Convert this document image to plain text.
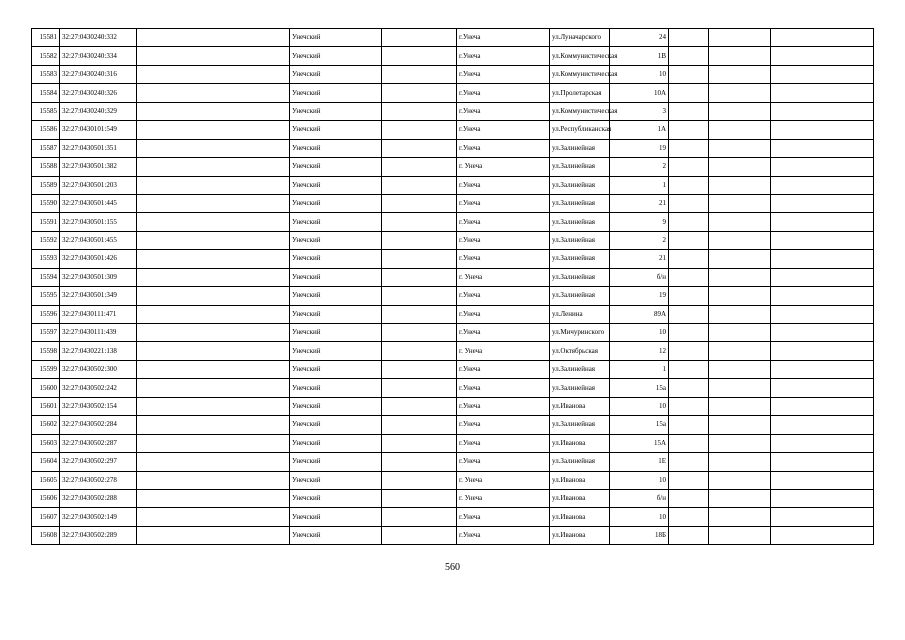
15581	32:27:0430240:332		Унечский		г.Унеча	ул.Луначарского	24			
15582	32:27:0430240:334		Унечский		г.Унеча	ул.Коммунистическая	1В			
15583	32:27:0430240:316		Унечский		г.Унеча	ул.Коммунистическая	10			
15584	32:27:0430240:326		Унечский		г.Унеча	ул.Пролетарская	10А			
15585	32:27:0430240:329		Унечский		г.Унеча	ул.Коммунистическая	3			
15586	32:27:0430101:549		Унечский		г.Унеча	ул.Республиканская	1А			
15587	32:27:0430501:351		Унечский		г.Унеча	ул.Залинейная	19			
15588	32:27:0430501:382		Унечский		г. Унеча	ул.Залинейная	2			
15589	32:27:0430501:203		Унечский		г.Унеча	ул.Залинейная	1			
15590	32:27:0430501:445		Унечский		г.Унеча	ул.Залинейная	21			
15591	32:27:0430501:155		Унечский		г.Унеча	ул.Залинейная	9			
15592	32:27:0430501:455		Унечский		г.Унеча	ул.Залинейная	2			
15593	32:27:0430501:426		Унечский		г.Унеча	ул.Залинейная	21			
15594	32:27:0430501:309		Унечский		г. Унеча	ул.Залинейная	б/н			
15595	32:27:0430501:349		Унечский		г.Унеча	ул.Залинейная	19			
15596	32:27:0430111:471		Унечский		г.Унеча	ул.Ленина	89А			
15597	32:27:0430111:439		Унечский		г.Унеча	ул.Мичуринского	10			
15598	32:27:0430221:138		Унечский		г. Унеча	ул.Октябрьская	12			
15599	32:27:0430502:300		Унечский		г.Унеча	ул.Залинейная	1			
15600	32:27:0430502:242		Унечский		г.Унеча	ул.Залинейная	15а			
15601	32:27:0430502:154		Унечский		г.Унеча	ул.Иванова	10			
15602	32:27:0430502:284		Унечский		г.Унеча	ул.Залинейная	15а			
15603	32:27:0430502:287		Унечский		г.Унеча	ул.Иванова	15А			
15604	32:27:0430502:297		Унечский		г.Унеча	ул.Залинейная	1Е			
15605	32:27:0430502:278		Унечский		г. Унеча	ул.Иванова	10			
15606	32:27:0430502:288		Унечский		г. Унеча	ул.Иванова	б/н			
15607	32:27:0430502:149		Унечский		г.Унеча	ул.Иванова	10			
15608	32:27:0430502:289		Унечский		г.Унеча	ул.Иванова	18Б			
560
